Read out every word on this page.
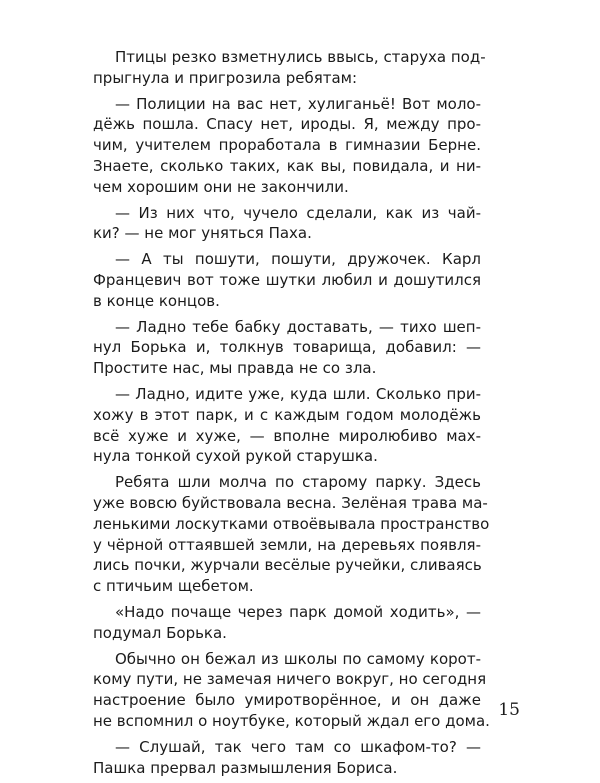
Птицы резко взметнулись ввысь, старуха под-
прыгнула и пригрозила ребятам:
— Полиции на вас нет, хулиганьё! Вот моло-
дёжь пошла. Спасу нет, ироды. Я, между про-
чим, учителем проработала в гимназии Берне.
Знаете, сколько таких, как вы, повидала, и ни-
чем хорошим они не закончили.
— Из них что, чучело сделали, как из чай-
ки? — не мог уняться Паха.
— А ты пошути, пошути, дружочек. Карл
Францевич вот тоже шутки любил и дошутился
в конце концов.
— Ладно тебе бабку доставать, — тихо шеп-
нул Борька и, толкнув товарища, добавил: —
Простите нас, мы правда не со зла.
— Ладно, идите уже, куда шли. Сколько при-
хожу в этот парк, и с каждым годом молодёжь
всё хуже и хуже, — вполне миролюбиво мах-
нула тонкой сухой рукой старушка.
Ребята шли молча по старому парку. Здесь
уже вовсю буйствовала весна. Зелёная трава ма-
ленькими лоскутками отвоёвывала пространство
у чёрной оттаявшей земли, на деревьях появля-
лись почки, журчали весёлые ручейки, сливаясь
с птичьим щебетом.
«Надо почаще через парк домой ходить», —
подумал Борька.
Обычно он бежал из школы по самому корот-
кому пути, не замечая ничего вокруг, но сегодня
настроение было умиротворённое, и он даже
не вспомнил о ноутбуке, который ждал его дома.
— Слушай, так чего там со шкафом-то? —
Пашка прервал размышления Бориса.
15
